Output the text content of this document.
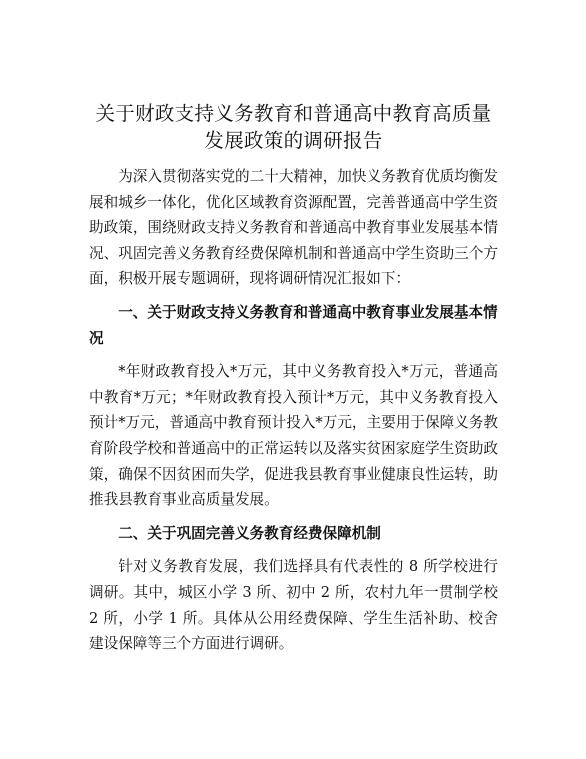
关于财政支持义务教育和普通高中教育高质量
发展政策的调研报告

为深入贯彻落实党的二十大精神，加快义务教育优质均衡发展和城乡一体化，优化区域教育资源配置，完善普通高中学生资助政策，围绕财政支持义务教育和普通高中教育事业发展基本情况、巩固完善义务教育经费保障机制和普通高中学生资助三个方面，积极开展专题调研，现将调研情况汇报如下：

一、关于财政支持义务教育和普通高中教育事业发展基本情况

*年财政教育投入*万元，其中义务教育投入*万元，普通高中教育*万元；*年财政教育投入预计*万元，其中义务教育投入预计*万元，普通高中教育预计投入*万元，主要用于保障义务教育阶段学校和普通高中的正常运转以及落实贫困家庭学生资助政策，确保不因贫困而失学，促进我县教育事业健康良性运转，助推我县教育事业高质量发展。

二、关于巩固完善义务教育经费保障机制

针对义务教育发展，我们选择具有代表性的 8 所学校进行调研。其中，城区小学 3 所、初中 2 所，农村九年一贯制学校 2 所，小学 1 所。具体从公用经费保障、学生生活补助、校舍建设保障等三个方面进行调研。
